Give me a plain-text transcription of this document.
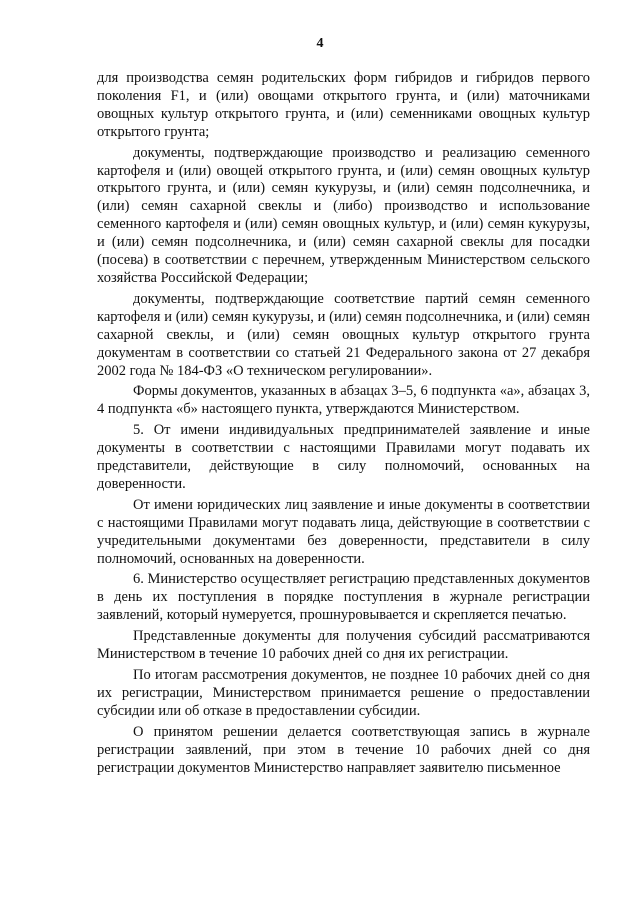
4

для производства семян родительских форм гибридов и гибридов первого поколения F1, и (или) овощами открытого грунта, и (или) маточниками овощных культур открытого грунта, и (или) семенниками овощных культур открытого грунта;

документы, подтверждающие производство и реализацию семенного картофеля и (или) овощей открытого грунта, и (или) семян овощных культур открытого грунта, и (или) семян кукурузы, и (или) семян подсолнечника, и (или) семян сахарной свеклы и (либо) производство и использование семенного картофеля и (или) семян овощных культур, и (или) семян кукурузы, и (или) семян подсолнечника, и (или) семян сахарной свеклы для посадки (посева) в соответствии с перечнем, утвержденным Министерством сельского хозяйства Российской Федерации;

документы, подтверждающие соответствие партий семян семенного картофеля и (или) семян кукурузы, и (или) семян подсолнечника, и (или) семян сахарной свеклы, и (или) семян овощных культур открытого грунта документам в соответствии со статьей 21 Федерального закона от 27 декабря 2002 года № 184-ФЗ «О техническом регулировании».

Формы документов, указанных в абзацах 3–5, 6 подпункта «а», абзацах 3, 4 подпункта «б» настоящего пункта, утверждаются Министерством.

5. От имени индивидуальных предпринимателей заявление и иные документы в соответствии с настоящими Правилами могут подавать их представители, действующие в силу полномочий, основанных на доверенности.

От имени юридических лиц заявление и иные документы в соответствии с настоящими Правилами могут подавать лица, действующие в соответствии с учредительными документами без доверенности, представители в силу полномочий, основанных на доверенности.

6. Министерство осуществляет регистрацию представленных документов в день их поступления в порядке поступления в журнале регистрации заявлений, который нумеруется, прошнуровывается и скрепляется печатью.

Представленные документы для получения субсидий рассматриваются Министерством в течение 10 рабочих дней со дня их регистрации.

По итогам рассмотрения документов, не позднее 10 рабочих дней со дня их регистрации, Министерством принимается решение о предоставлении субсидии или об отказе в предоставлении субсидии.

О принятом решении делается соответствующая запись в журнале регистрации заявлений, при этом в течение 10 рабочих дней со дня регистрации документов Министерство направляет заявителю письменное
